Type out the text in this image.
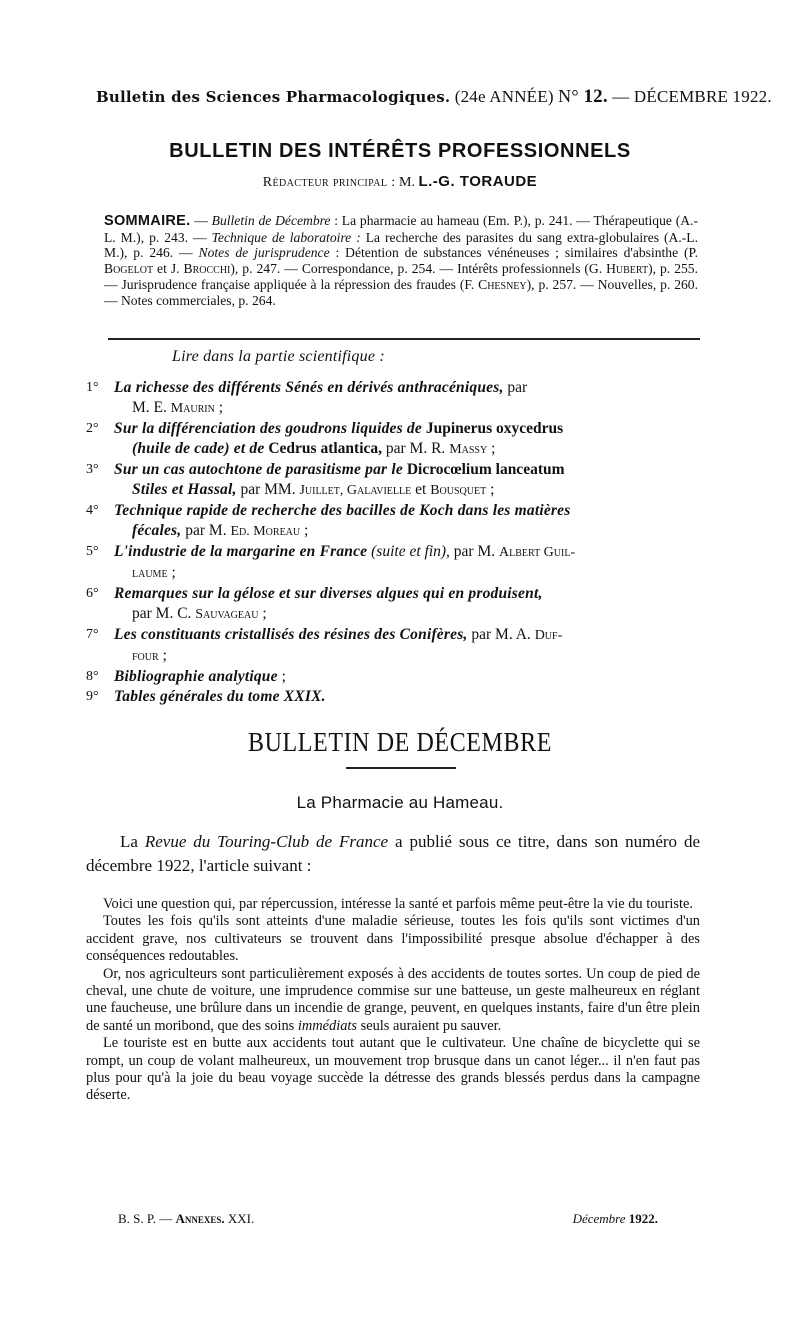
Bulletin des Sciences Pharmacologiques. (24e ANNÉE) N° 12. — DÉCEMBRE 1922.
BULLETIN DES INTÉRÊTS PROFESSIONNELS
Rédacteur principal : M. L.-G. TORAUDE
SOMMAIRE. — Bulletin de Décembre : La pharmacie au hameau (Em. P.), p. 241. — Thérapeutique (A.-L. M.), p. 243. — Technique de laboratoire : La recherche des parasites du sang extra-globulaires (A.-L. M.), p. 246. — Notes de jurisprudence : Détention de substances vénéneuses ; similaires d'absinthe (P. Bogelot et J. Brocchi), p. 247. — Correspondance, p. 254. — Intérêts professionnels (G. Hubert), p. 255. — Jurisprudence française appliquée à la répression des fraudes (F. Chesney), p. 257. — Nouvelles, p. 260. — Notes commerciales, p. 264.
Lire dans la partie scientifique :
1° La richesse des différents Sénés en dérivés anthracéniques, par
M. E. Maurin ;
2° Sur la différenciation des goudrons liquides de Jupinerus oxycedrus
(huile de cade) et de Cedrus atlantica, par M. R. Massy ;
3° Sur un cas autochtone de parasitisme par le Dicrocœlium lanceatum
Stiles et Hassal, par MM. Juillet, Galavielle et Bousquet ;
4° Technique rapide de recherche des bacilles de Koch dans les matières
fécales, par M. Ed. Moreau ;
5° L'industrie de la margarine en France (suite et fin), par M. Albert Guil-
laume ;
6° Remarques sur la gélose et sur diverses algues qui en produisent,
par M. C. Sauvageau ;
7° Les constituants cristallisés des résines des Conifères, par M. A. Duf-
four ;
8° Bibliographie analytique ;
9° Tables générales du tome XXIX.
BULLETIN DE DÉCEMBRE
La Pharmacie au Hameau.
La Revue du Touring-Club de France a publié sous ce titre, dans son numéro de décembre 1922, l'article suivant :

Voici une question qui, par répercussion, intéresse la santé et parfois même peut-être la vie du touriste.

Toutes les fois qu'ils sont atteints d'une maladie sérieuse, toutes les fois qu'ils sont victimes d'un accident grave, nos cultivateurs se trouvent dans l'impossibilité presque absolue d'échapper à des conséquences redoutables.

Or, nos agriculteurs sont particulièrement exposés à des accidents de toutes sortes. Un coup de pied de cheval, une chute de voiture, une imprudence commise sur une batteuse, un geste malheureux en réglant une faucheuse, une brûlure dans un incendie de grange, peuvent, en quelques instants, faire d'un être plein de santé un moribond, que des soins immédiats seuls auraient pu sauver.

Le touriste est en butte aux accidents tout autant que le cultivateur. Une chaîne de bicyclette qui se rompt, un coup de volant malheureux, un mouvement trop brusque dans un canot léger... il n'en faut pas plus pour qu'à la joie du beau voyage succède la détresse des grands blessés perdus dans la campagne déserte.

B. S. P. — Annexes. XXI.	Décembre 1922.
